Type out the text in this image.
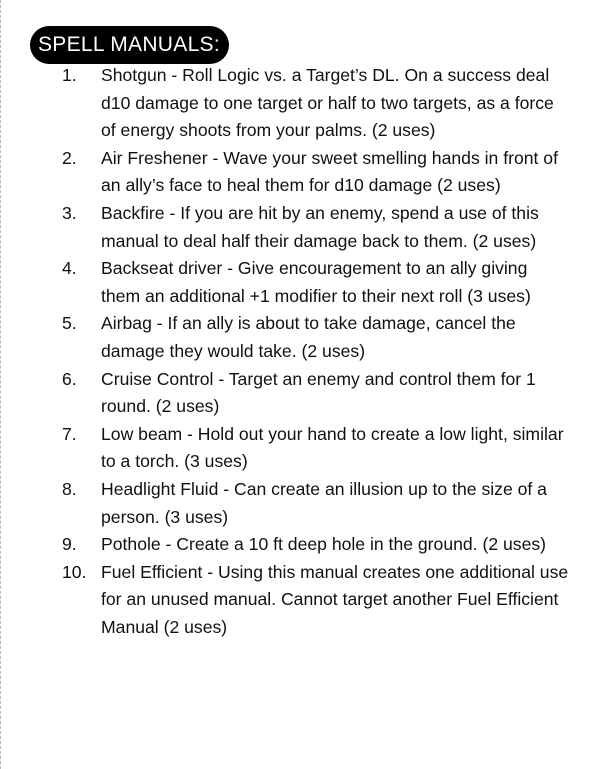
SPELL MANUALS:
1. Shotgun - Roll Logic vs. a Target’s DL. On a success deal d10 damage to one target or half to two targets, as a force of energy shoots from your palms. (2 uses)
2. Air Freshener - Wave your sweet smelling hands in front of an ally’s face to heal them for d10 damage (2 uses)
3. Backfire - If you are hit by an enemy, spend a use of this manual to deal half their damage back to them. (2 uses)
4. Backseat driver - Give encouragement to an ally giving them an additional +1 modifier to their next roll (3 uses)
5. Airbag - If an ally is about to take damage, cancel the damage they would take. (2 uses)
6. Cruise Control - Target an enemy and control them for 1 round. (2 uses)
7. Low beam - Hold out your hand to create a low light, similar to a torch. (3 uses)
8. Headlight Fluid - Can create an illusion up to the size of a person. (3 uses)
9. Pothole - Create a 10 ft deep hole in the ground. (2 uses)
10. Fuel Efficient - Using this manual creates one additional use for an unused manual. Cannot target another Fuel Efficient Manual (2 uses)
